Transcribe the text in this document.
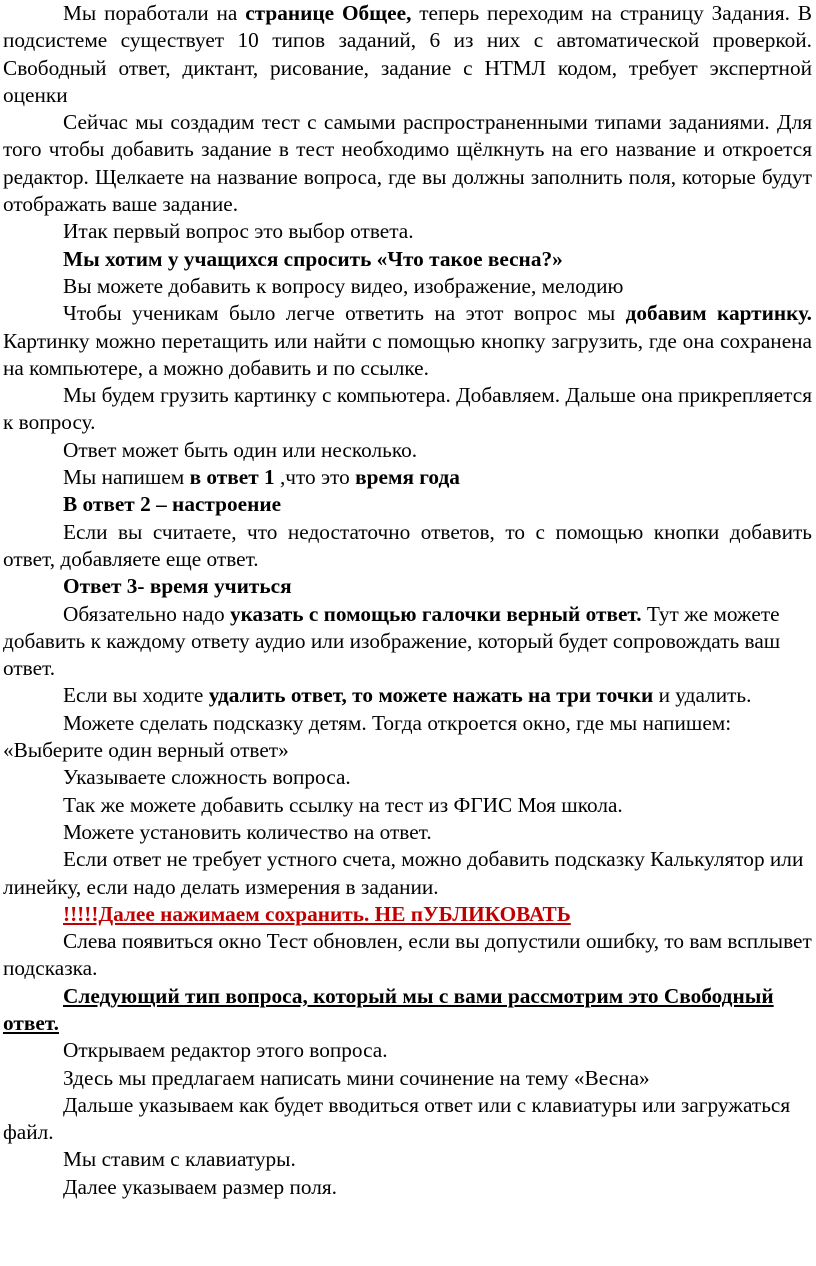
Мы поработали на странице Общее, теперь переходим на страницу Задания. В подсистеме существует 10 типов заданий, 6 из них с автоматической проверкой. Свободный ответ, диктант, рисование, задание с НТМЛ кодом, требует экспертной оценки

Сейчас мы создадим тест с самыми распространенными типами заданиями. Для того чтобы добавить задание в тест необходимо щёлкнуть на его название и откроется редактор. Щелкаете на название вопроса, где вы должны заполнить поля, которые будут отображать ваше задание.

Итак первый вопрос это выбор ответа.

Мы хотим у учащихся спросить «Что такое весна?»

Вы можете добавить к вопросу видео, изображение, мелодию

Чтобы ученикам было легче ответить на этот вопрос мы добавим картинку. Картинку можно перетащить или найти с помощью кнопку загрузить, где она сохранена на компьютере, а можно добавить и по ссылке.

Мы будем грузить картинку с компьютера. Добавляем. Дальше она прикрепляется к вопросу.

Ответ может быть один или несколько.

Мы напишем в ответ 1 ,что это время года

В ответ 2 – настроение

Если вы считаете, что недостаточно ответов, то с помощью кнопки добавить ответ, добавляете еще ответ.

Ответ 3- время учиться

Обязательно надо указать с помощью галочки верный ответ. Тут же можете добавить к каждому ответу аудио или изображение, который будет сопровождать ваш ответ.

Если вы ходите удалить ответ, то можете нажать на три точки и удалить.

Можете сделать подсказку детям. Тогда откроется окно, где мы напишем: «Выберите один верный ответ»

Указываете сложность вопроса.

Так же можете добавить ссылку на тест из ФГИС Моя школа.

Можете установить количество на ответ.

Если ответ не требует устного счета, можно добавить подсказку Калькулятор или линейку, если надо делать измерения в задании.

!!!!!Далее нажимаем сохранить. НЕ пУБЛИКОВАТЬ

Слева появиться окно Тест обновлен, если вы допустили ошибку, то вам всплывет подсказка.

Следующий тип вопроса, который мы с вами рассмотрим это Свободный ответ.

Открываем редактор этого вопроса.

Здесь мы предлагаем написать мини сочинение на тему «Весна»

Дальше указываем как будет вводиться ответ или с клавиатуры или загружаться файл.

Мы ставим с клавиатуры.

Далее указываем размер поля.
